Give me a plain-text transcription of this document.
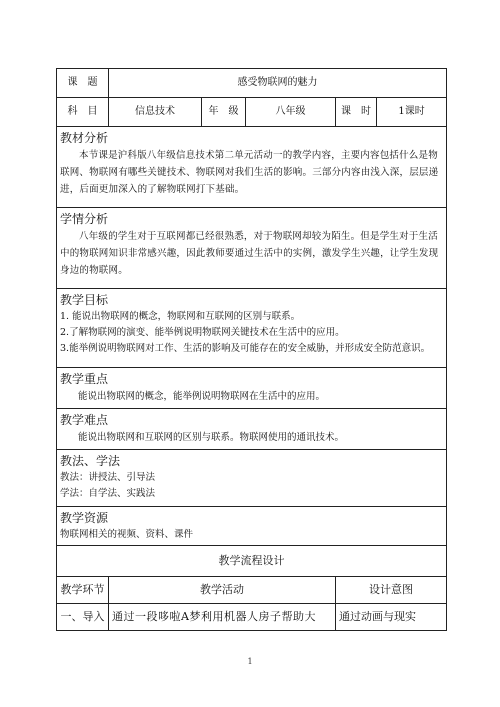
课　题	感受物联网的魅力				
科　目	信息技术	年　级	八年级	课　时	1课时

教材分析
本节课是沪科版八年级信息技术第二单元活动一的教学内容，主要内容包括什么是物联网、物联网有哪些关键技术、物联网对我们生活的影响。三部分内容由浅入深，层层递进，后面更加深入的了解物联网打下基础。					

学情分析
八年级的学生对于互联网都已经很熟悉，对于物联网却较为陌生。但是学生对于生活中的物联网知识非常感兴趣，因此教师要通过生活中的实例，激发学生兴趣，让学生发现身边的物联网。					

教学目标
1. 能说出物联网的概念，物联网和互联网的区别与联系。
2.了解物联网的演变、能举例说明物联网关键技术在生活中的应用。
3.能举例说明物联网对工作、生活的影响及可能存在的安全威胁，并形成安全防范意识。					

教学重点
能说出物联网的概念，能举例说明物联网在生活中的应用。					

教学难点
能说出物联网和互联网的区别与联系。物联网使用的通讯技术。					

教法、学法
教法：讲授法、引导法
学法：自学法、实践法					

教学资源
物联网相关的视频、资料、课件					

教学流程设计					
教学环节	教学活动			设计意图	
一、导入	通过一段哆啦A梦利用机器人房子帮助大			通过动画与现实	
1
